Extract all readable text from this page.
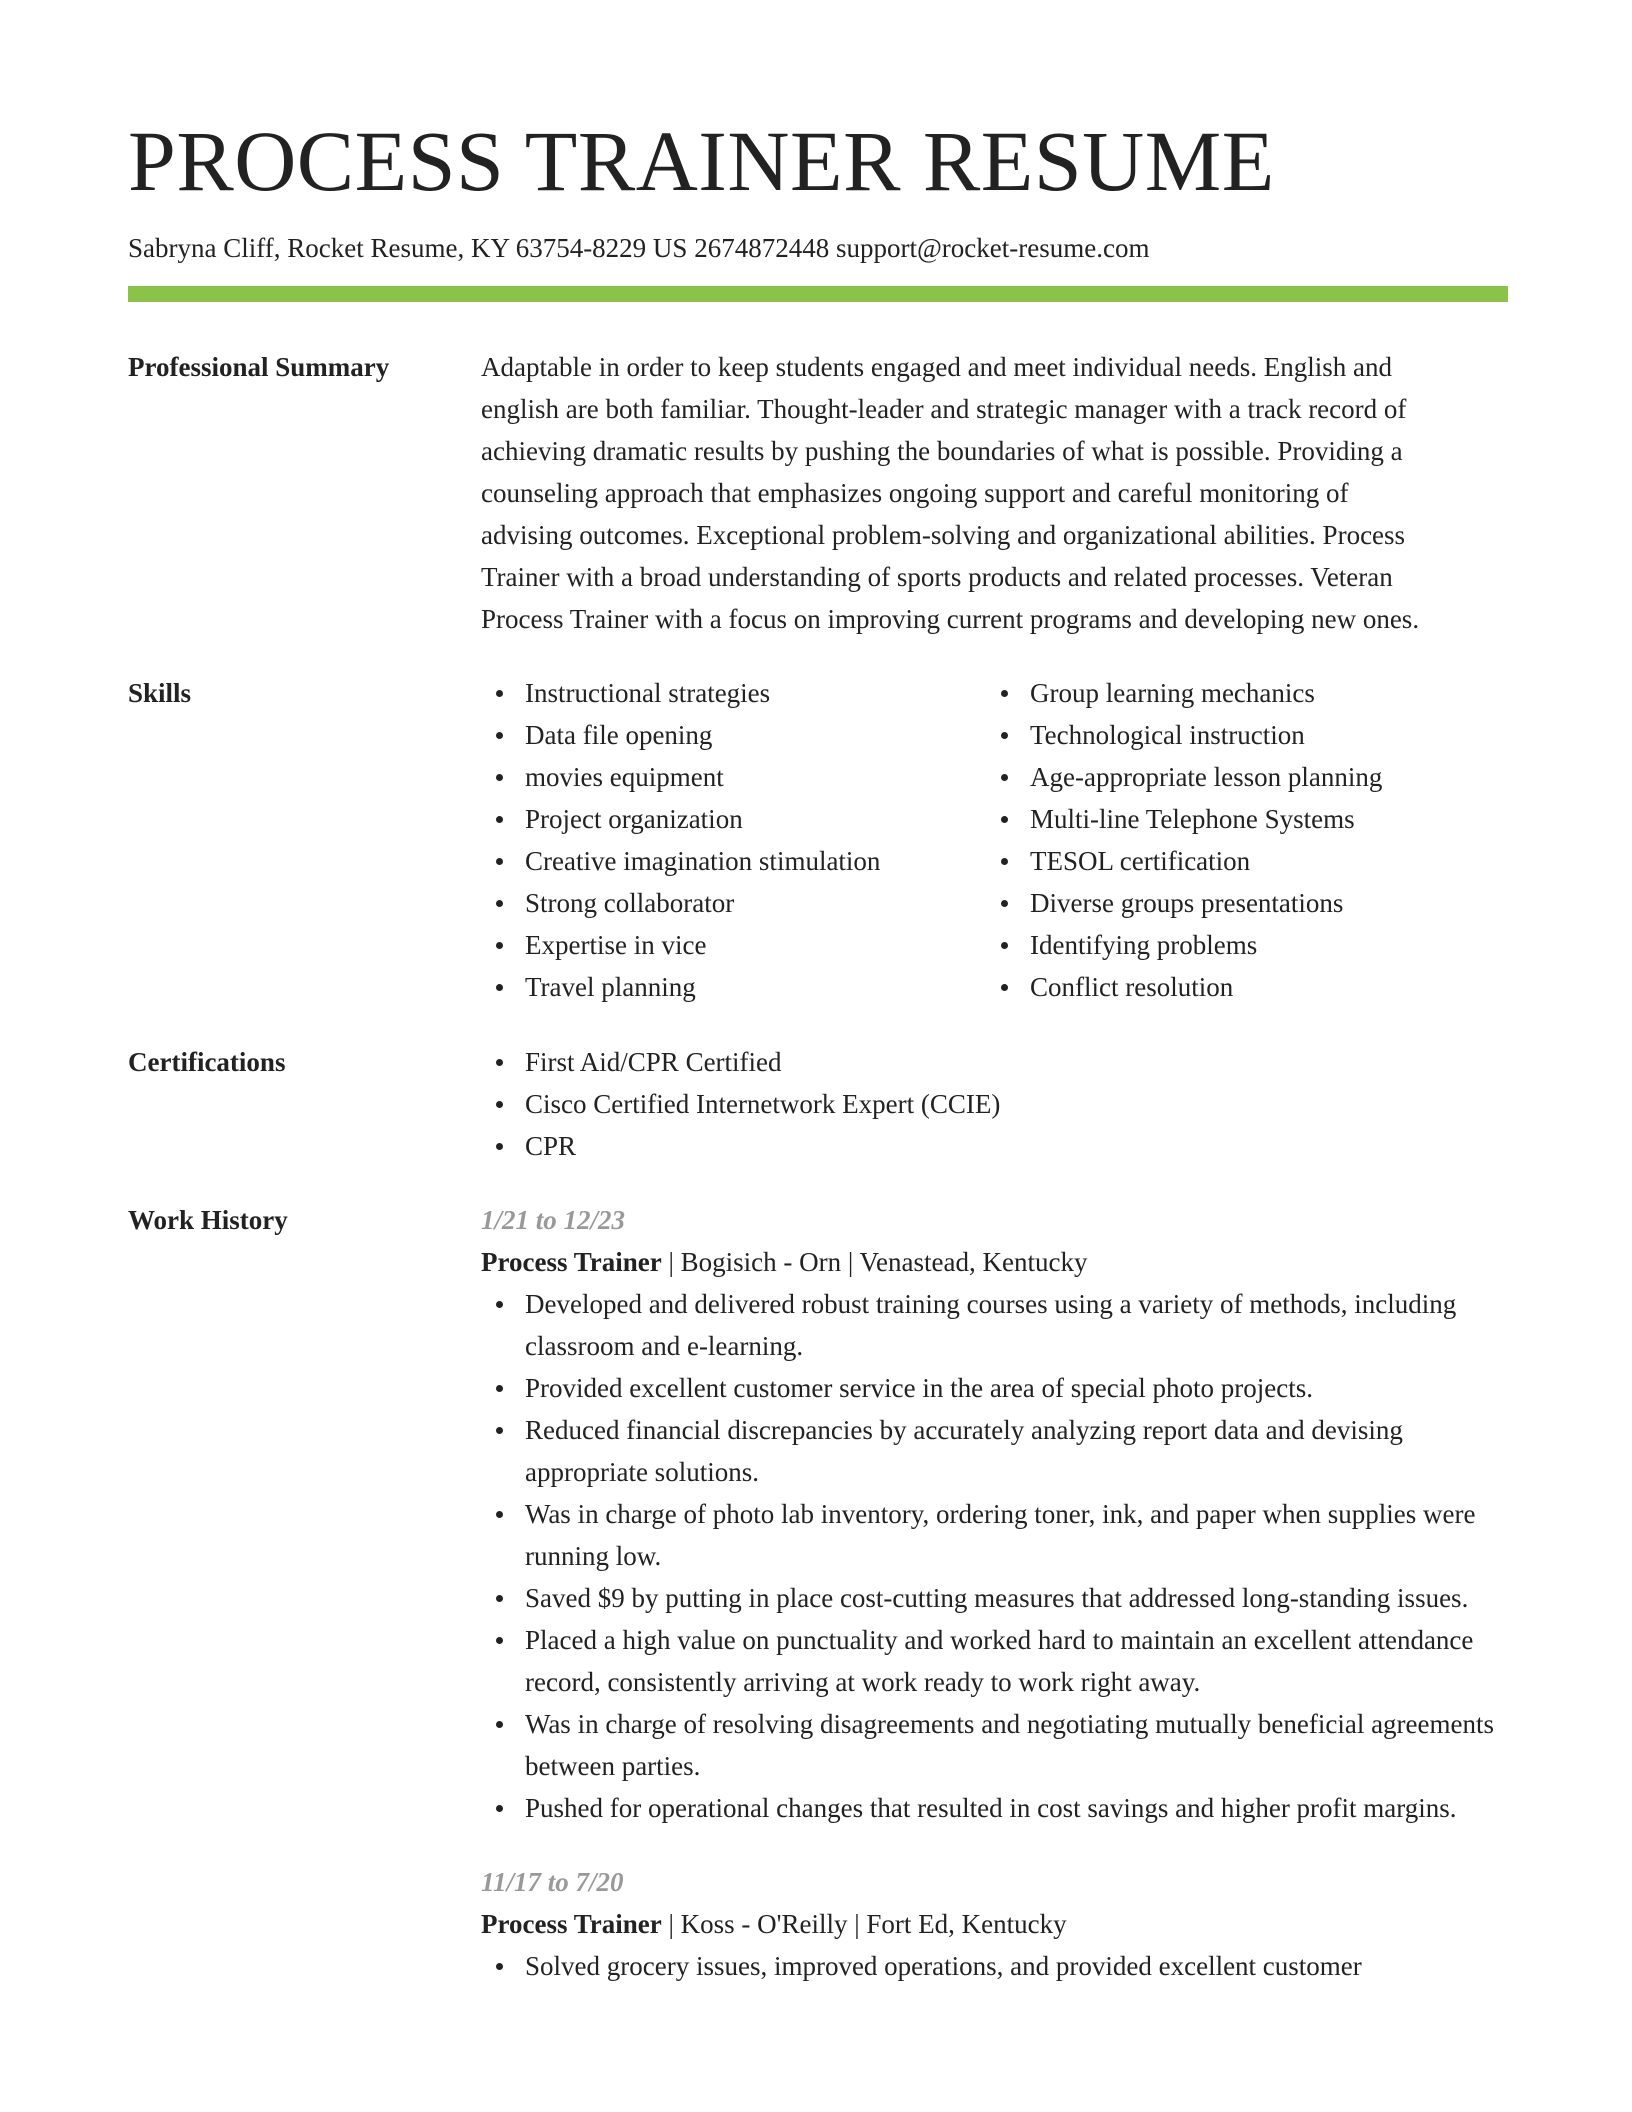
PROCESS TRAINER RESUME
Sabryna Cliff, Rocket Resume, KY 63754-8229 US 2674872448 support@rocket-resume.com
Professional Summary	Adaptable in order to keep students engaged and meet individual needs. English and
english are both familiar. Thought-leader and strategic manager with a track record of
achieving dramatic results by pushing the boundaries of what is possible. Providing a
counseling approach that emphasizes ongoing support and careful monitoring of
advising outcomes. Exceptional problem-solving and organizational abilities. Process
Trainer with a broad understanding of sports products and related processes. Veteran
Process Trainer with a focus on improving current programs and developing new ones.
Skills	Instructional strategies
Data file opening
movies equipment
Project organization
Creative imagination stimulation
Strong collaborator
Expertise in vice
Travel planning
Group learning mechanics
Technological instruction
Age-appropriate lesson planning
Multi-line Telephone Systems
TESOL certification
Diverse groups presentations
Identifying problems
Conflict resolution
Certifications	First Aid/CPR Certified
Cisco Certified Internetwork Expert (CCIE)
CPR
Work History	1/21 to 12/23
Process Trainer | Bogisich - Orn | Venastead, Kentucky
Developed and delivered robust training courses using a variety of methods, including classroom and e-learning.
Provided excellent customer service in the area of special photo projects.
Reduced financial discrepancies by accurately analyzing report data and devising appropriate solutions.
Was in charge of photo lab inventory, ordering toner, ink, and paper when supplies were running low.
Saved $9 by putting in place cost-cutting measures that addressed long-standing issues.
Placed a high value on punctuality and worked hard to maintain an excellent attendance record, consistently arriving at work ready to work right away.
Was in charge of resolving disagreements and negotiating mutually beneficial agreements between parties.
Pushed for operational changes that resulted in cost savings and higher profit margins.
11/17 to 7/20
Process Trainer | Koss - O'Reilly | Fort Ed, Kentucky
Solved grocery issues, improved operations, and provided excellent customer
